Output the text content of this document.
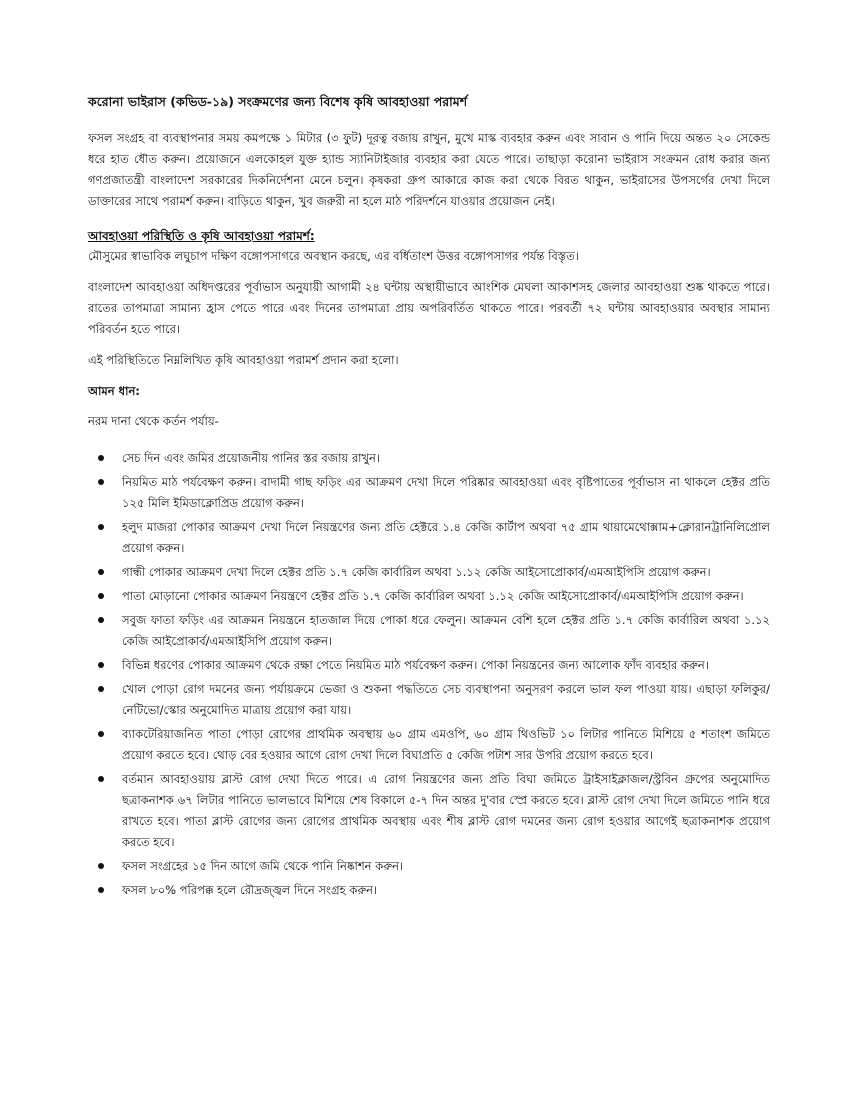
করোনা ভাইরাস (কভিড-১৯) সংক্রমণের জন্য বিশেষ কৃষি আবহাওয়া পরামর্শ

ফসল সংগ্রহ বা ব্যবস্থাপনার সময় কমপক্ষে ১ মিটার (৩ ফুট) দূরত্ব বজায় রাখুন, মুখে মাস্ক ব্যবহার করুন এবং সাবান ও পানি দিয়ে অন্তত ২০ সেকেন্ড ধরে হাত ধৌত করুন। প্রয়োজনে এলকোহল যুক্ত হ্যান্ড স্যানিটাইজার ব্যবহার করা যেতে পারে। তাছাড়া করোনা ভাইরাস সংক্রমন রোধ করার জন্য গণপ্রজাতন্ত্রী বাংলাদেশ সরকারের দিকনির্দেশনা মেনে চলুন। কৃষকরা গ্রুপ আকারে কাজ করা থেকে বিরত থাকুন, ভাইরাসের উপসর্গের দেখা দিলে ডাক্তারের সাথে পরামর্শ করুন। বাড়িতে থাকুন, খুব জরুরী না হলে মাঠ পরিদর্শনে যাওয়ার প্রয়োজন নেই।

আবহাওয়া পরিস্থিতি ও কৃষি আবহাওয়া পরামর্শ:

মৌসুমের স্বাভাবিক লঘুচাপ দক্ষিণ বঙ্গোপসাগরে অবস্থান করছে, এর বর্ধিতাংশ উত্তর বঙ্গোপসাগর পর্যন্ত বিস্তৃত।

বাংলাদেশ আবহাওয়া অধিদপ্তরের পূর্বাভাস অনুযায়ী আগামী ২৪ ঘন্টায় অস্থায়ীভাবে আংশিক মেঘলা আকাশসহ জেলার আবহাওয়া শুষ্ক থাকতে পারে। রাতের তাপমাত্রা সামান্য হ্রাস পেতে পারে এবং দিনের তাপমাত্রা প্রায় অপরিবর্তিত থাকতে পারে। পরবর্তী ৭২ ঘন্টায় আবহাওয়ার অবস্থার সামান্য পরিবর্তন হতে পারে।

এই পরিস্থিতিতে নিম্নলিখিত কৃষি আবহাওয়া পরামর্শ প্রদান করা হলো।

আমন ধান:
নরম দানা থেকে কর্তন পর্যায়-
সেচ দিন এবং জমির প্রয়োজনীয় পানির স্তর বজায় রাখুন।
নিয়মিত মাঠ পর্যবেক্ষণ করুন। বাদামী গাছ ফড়িং এর আক্রমণ দেখা দিলে পরিষ্কার আবহাওয়া এবং বৃষ্টিপাতের পূর্বাভাস না থাকলে হেক্টর প্রতি ১২৫ মিলি ইমিডাক্লোপ্রিড প্রয়োগ করুন।
হলুদ মাজরা পোকার আক্রমণ দেখা দিলে নিয়ন্ত্রণের জন্য প্রতি হেক্টরে ১.৪ কেজি কার্টাপ অথবা ৭৫ গ্রাম থায়ামেথোক্সাম+ক্লোরানট্রানিলিপ্রোল প্রয়োগ করুন।
গান্ধী পোকার আক্রমণ দেখা দিলে হেক্টর প্রতি ১.৭ কেজি কার্বারিল অথবা ১.১২ কেজি আইসোপ্রোকার্ব/এমআইপিসি প্রয়োগ করুন।
পাতা মোড়ানো পোকার আক্রমণ নিয়ন্ত্রণে হেক্টর প্রতি ১.৭ কেজি কার্বারিল অথবা ১.১২ কেজি আইসোপ্রোকার্ব/এমআইপিসি প্রয়োগ করুন।
সবুজ ফাতা ফড়িং এর আক্রমন নিয়ন্ত্রনে হাতজাল দিয়ে পোকা ধরে ফেলুন। আক্রমন বেশি হলে হেক্টর প্রতি ১.৭ কেজি কার্বারিল অথবা ১.১২ কেজি আইপ্রোকার্ব/এমআইসিপি প্রয়োগ করুন।
বিভিন্ন ধরণের পোকার আক্রমণ থেকে রক্ষা পেতে নিয়মিত মাঠ পর্যবেক্ষণ করুন। পোকা নিয়ন্ত্রনের জন্য আলোক ফাঁদ ব্যবহার করুন।
খোল পোড়া রোগ দমনের জন্য পর্যায়ক্রমে ভেজা ও শুকনা পদ্ধতিতে সেচ ব্যবস্থাপনা অনুসরণ করলে ভাল ফল পাওয়া যায়। এছাড়া ফলিকুর/ নেটিভো/স্কোর অনুমোদিত মাত্রায় প্রয়োগ করা যায়।
ব্যাকটেরিয়াজনিত পাতা পোড়া রোগের প্রাথমিক অবস্থায় ৬০ গ্রাম এমওপি, ৬০ গ্রাম থিওভিট ১০ লিটার পানিতে মিশিয়ে ৫ শতাংশ জমিতে প্রয়োগ করতে হবে। থোড় বের হওয়ার আগে রোগ দেখা দিলে বিঘাপ্রতি ৫ কেজি পটাশ সার উপরি প্রয়োগ করতে হবে।
বর্তমান আবহাওয়ায় ব্লাস্ট রোগ দেখা দিতে পারে। এ রোগ নিয়ন্ত্রণের জন্য প্রতি বিঘা জমিতে ট্রাইসাইক্লাজল/স্ট্রবিন গ্রুপের অনুমোদিত ছত্রাকনাশক ৬৭ লিটার পানিতে ভালভাবে মিশিয়ে শেষ বিকালে ৫-৭ দিন অন্তর দু'বার স্প্রে করতে হবে। ব্লাস্ট রোগ দেখা দিলে জমিতে পানি ধরে রাখতে হবে। পাতা ব্লাস্ট রোগের জন্য রোগের প্রাথমিক অবস্থায় এবং শীষ ব্লাস্ট রোগ দমনের জন্য রোগ হওয়ার আগেই ছত্রাকনাশক প্রয়োগ করতে হবে।
ফসল সংগ্রহের ১৫ দিন আগে জমি থেকে পানি নিষ্কাশন করুন।
ফসল ৮০% পরিপক্ক হলে রৌদ্রজ্জ্বল দিনে সংগ্রহ করুন।
